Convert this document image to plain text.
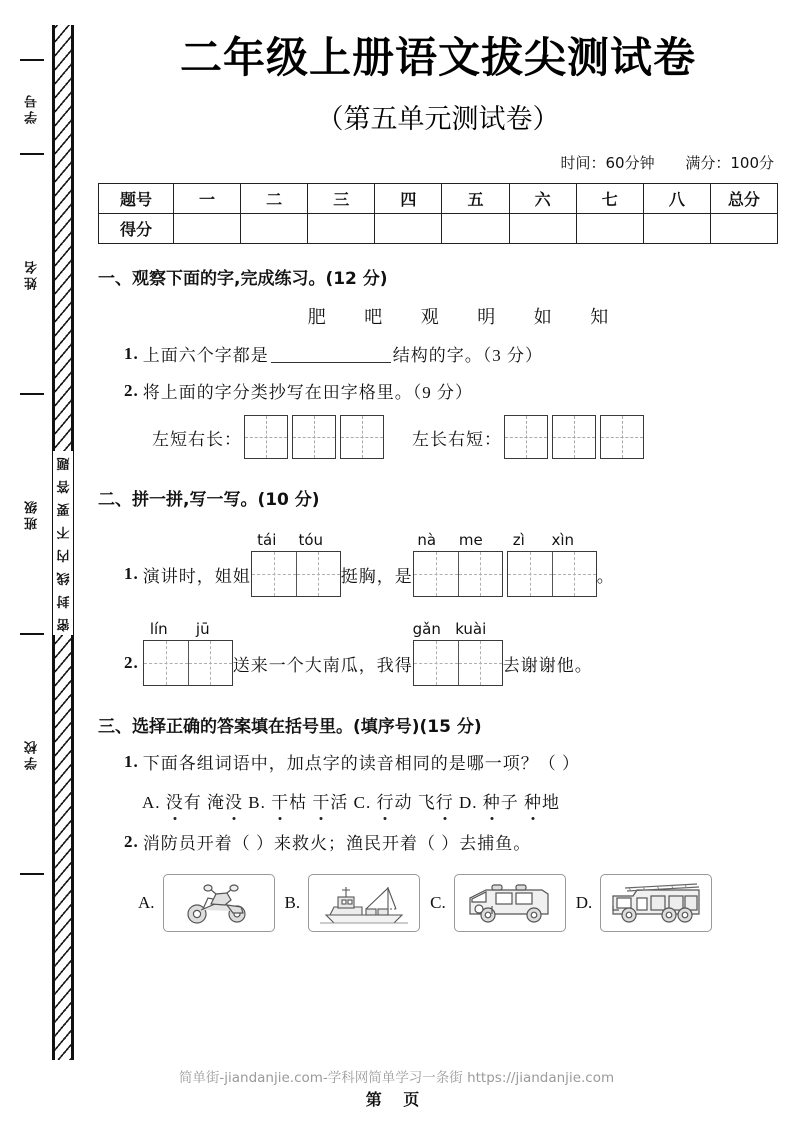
题
答
要
不
内
线
封
密
学号
姓名
班级
学校
二年级上册语文拔尖测试卷
（第五单元测试卷）
时间：60分钟 满分：100分
题号	一	二	三	四	五	六	七	八	总分
得分									
一、观察下面的字,完成练习。(12 分)
肥 吧 观 明 如 知
1. 上面六个字都是	结构的字。（3 分）
2. 将上面的字分类抄写在田字格里。（9 分）
左短右长：	左长右短：
二、拼一拼,写一写。(10 分)
tái tóu	nà me	zì xìn
1. 演讲时，姐姐	挺胸，是	。
lín jū	gǎn kuài
2.	送来一个大南瓜，我得	去谢谢他。
三、选择正确的答案填在括号里。(填序号)(15 分)
1. 下面各组词语中，加点字的读音相同的是哪一项？（ ）
A. 没有 淹没 B. 干枯 干活 C. 行动 飞行 D. 种子 种地
2. 消防员开着（ ）来救火；渔民开着（ ）去捕鱼。
A.	B.	C.	D.
简单街-jiandanjie.com-学科网简单学习一条街 https://jiandanjie.com
第 页
